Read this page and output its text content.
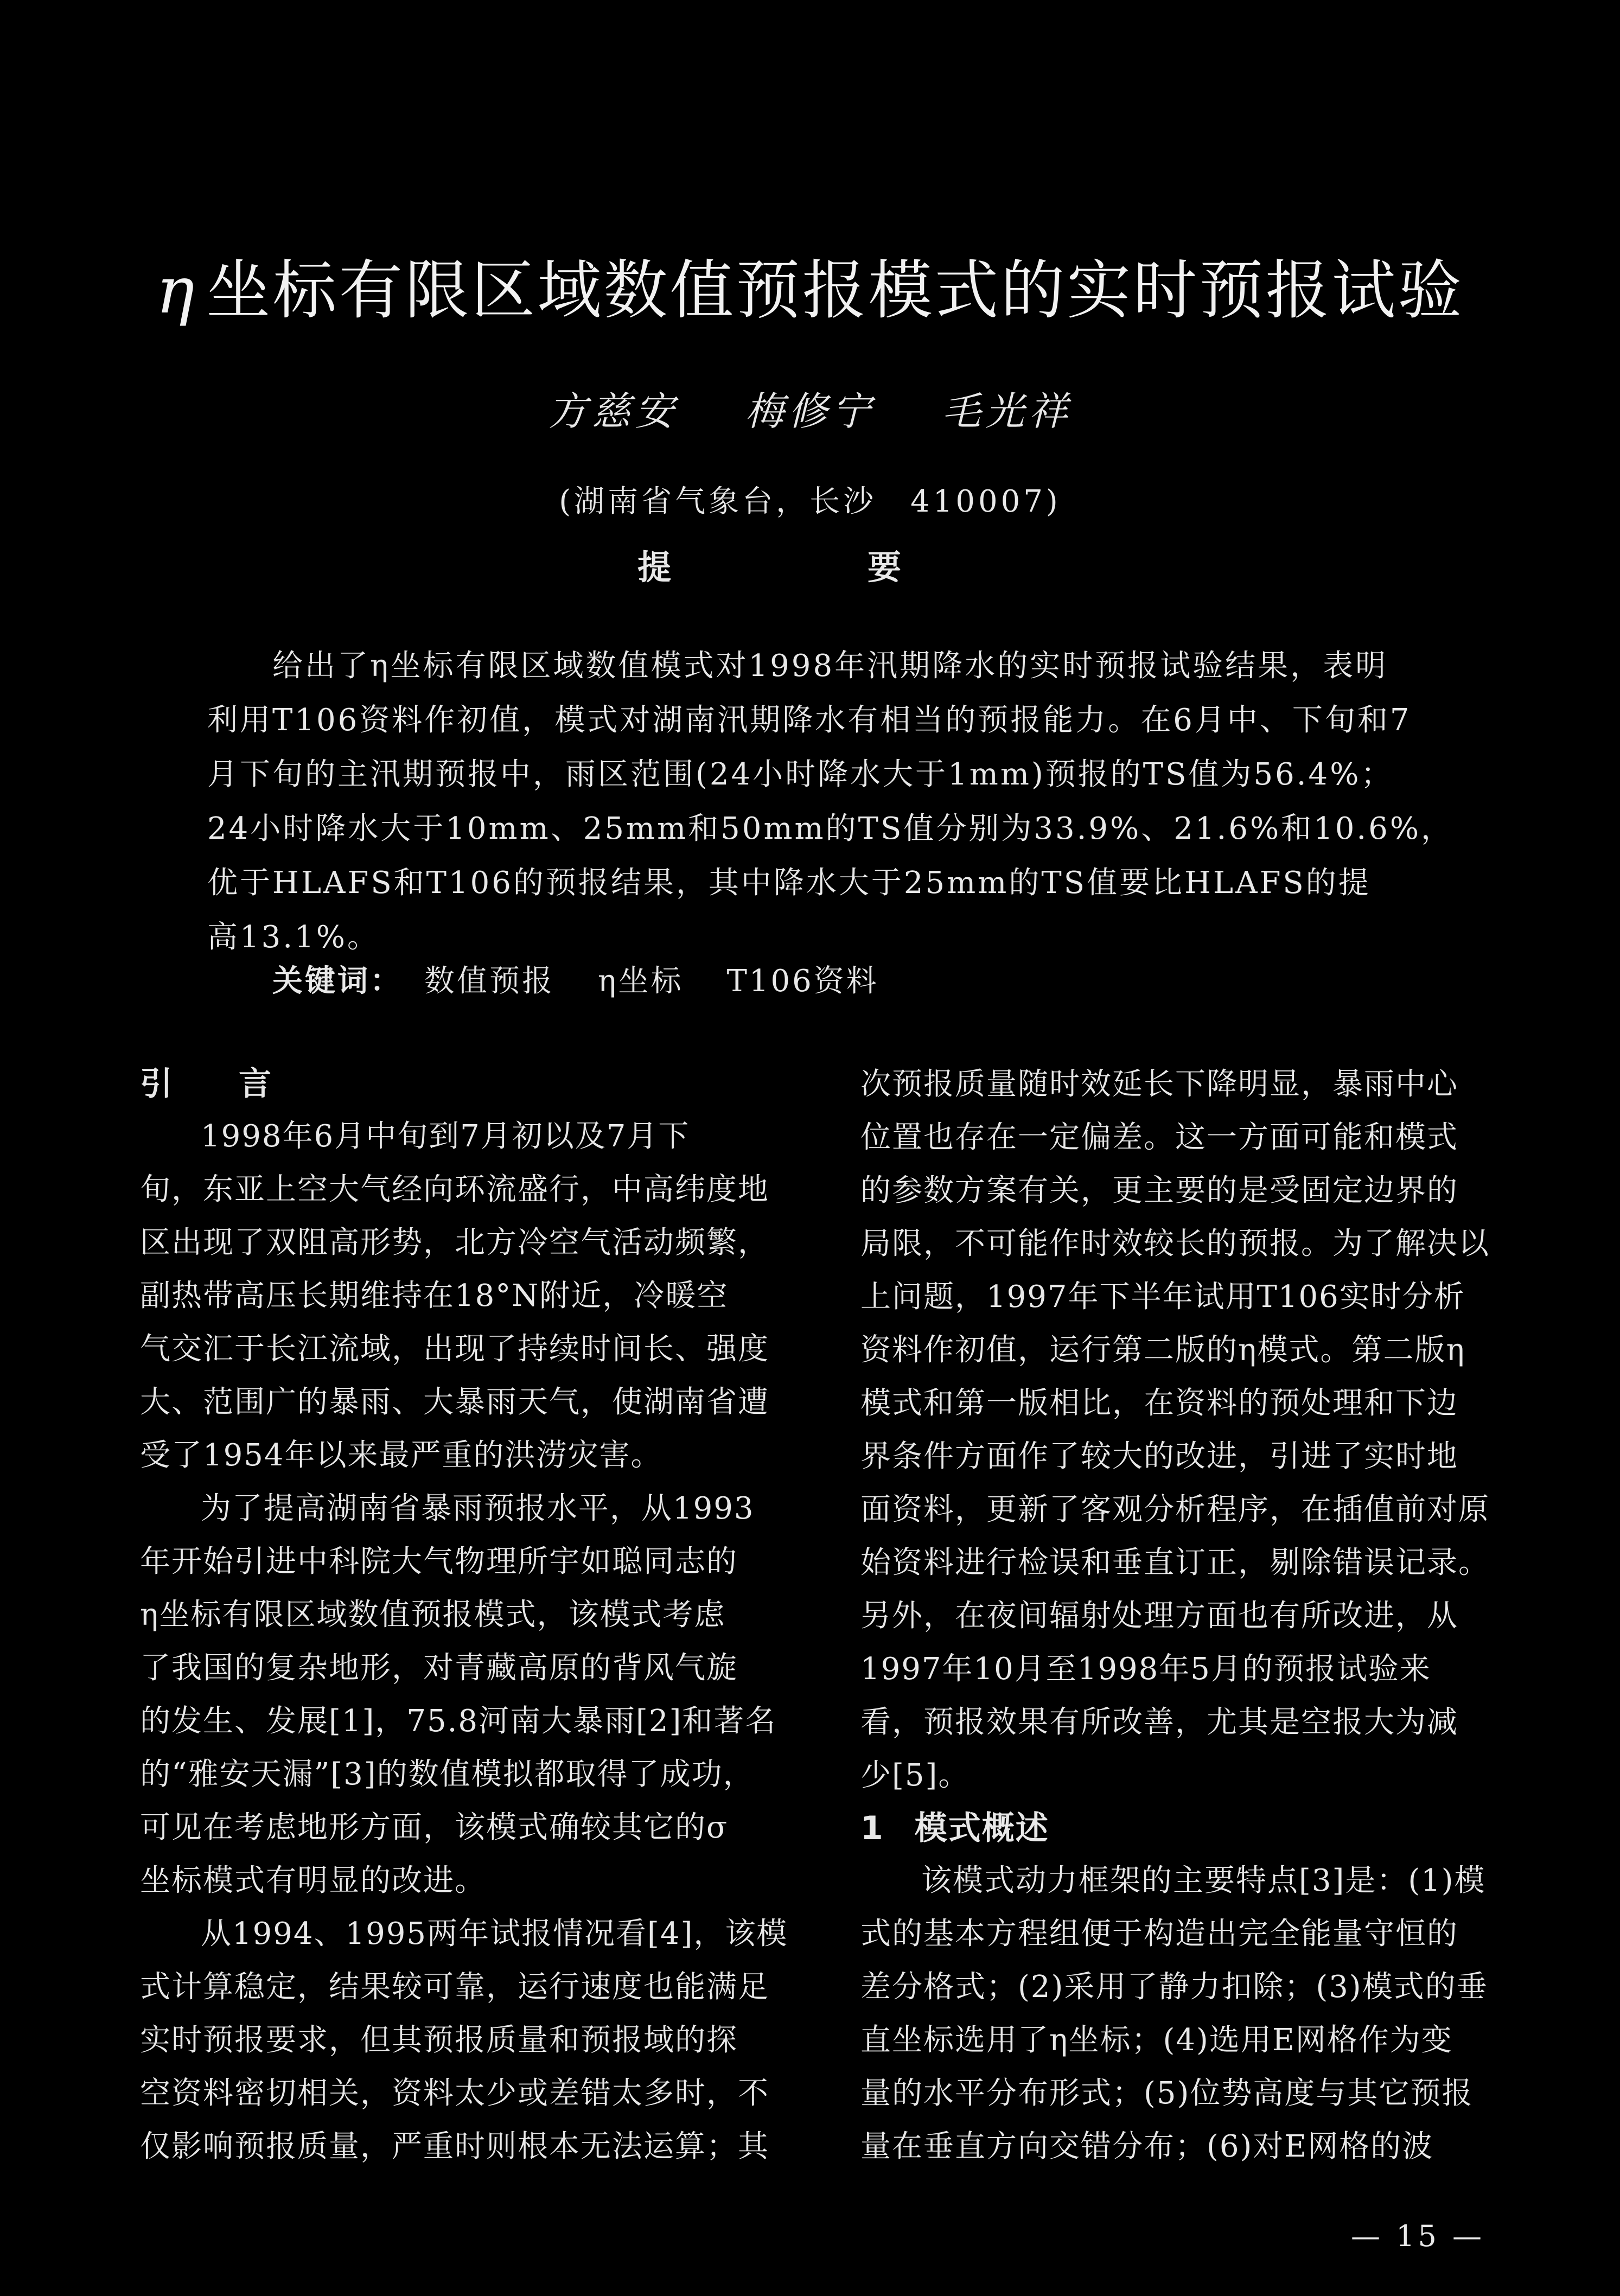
η 坐标有限区域数值预报模式的实时预报试验
方慈安 梅修宁 毛光祥
(湖南省气象台，长沙　410007)
提　要
给出了η坐标有限区域数值模式对1998年汛期降水的实时预报试验结果，表明
利用T106资料作初值，模式对湖南汛期降水有相当的预报能力。在6月中、下旬和7
月下旬的主汛期预报中，雨区范围(24小时降水大于1mm)预报的TS值为56.4%；
24小时降水大于10mm、25mm和50mm的TS值分别为33.9%、21.6%和10.6%，
优于HLAFS和T106的预报结果，其中降水大于25mm的TS值要比HLAFS的提
高13.1%。
关键词： 数值预报 η坐标 T106资料
引 言
1998年6月中旬到7月初以及7月下
旬，东亚上空大气经向环流盛行，中高纬度地
区出现了双阻高形势，北方冷空气活动频繁，
副热带高压长期维持在18°N附近，冷暖空
气交汇于长江流域，出现了持续时间长、强度
大、范围广的暴雨、大暴雨天气，使湖南省遭
受了1954年以来最严重的洪涝灾害。
为了提高湖南省暴雨预报水平，从1993
年开始引进中科院大气物理所宇如聪同志的
η坐标有限区域数值预报模式，该模式考虑
了我国的复杂地形，对青藏高原的背风气旋
的发生、发展[1]，75.8河南大暴雨[2]和著名
的“雅安天漏”[3]的数值模拟都取得了成功，
可见在考虑地形方面，该模式确较其它的σ
坐标模式有明显的改进。
从1994、1995两年试报情况看[4]，该模
式计算稳定，结果较可靠，运行速度也能满足
实时预报要求，但其预报质量和预报域的探
空资料密切相关，资料太少或差错太多时，不
仅影响预报质量，严重时则根本无法运算；其
次预报质量随时效延长下降明显，暴雨中心
位置也存在一定偏差。这一方面可能和模式
的参数方案有关，更主要的是受固定边界的
局限，不可能作时效较长的预报。为了解决以
上问题，1997年下半年试用T106实时分析
资料作初值，运行第二版的η模式。第二版η
模式和第一版相比，在资料的预处理和下边
界条件方面作了较大的改进，引进了实时地
面资料，更新了客观分析程序，在插值前对原
始资料进行检误和垂直订正，剔除错误记录。
另外，在夜间辐射处理方面也有所改进，从
1997年10月至1998年5月的预报试验来
看，预报效果有所改善，尤其是空报大为减
少[5]。
1 模式概述
该模式动力框架的主要特点[3]是：(1)模
式的基本方程组便于构造出完全能量守恒的
差分格式；(2)采用了静力扣除；(3)模式的垂
直坐标选用了η坐标；(4)选用E网格作为变
量的水平分布形式；(5)位势高度与其它预报
量在垂直方向交错分布；(6)对E网格的波
— 15 —
